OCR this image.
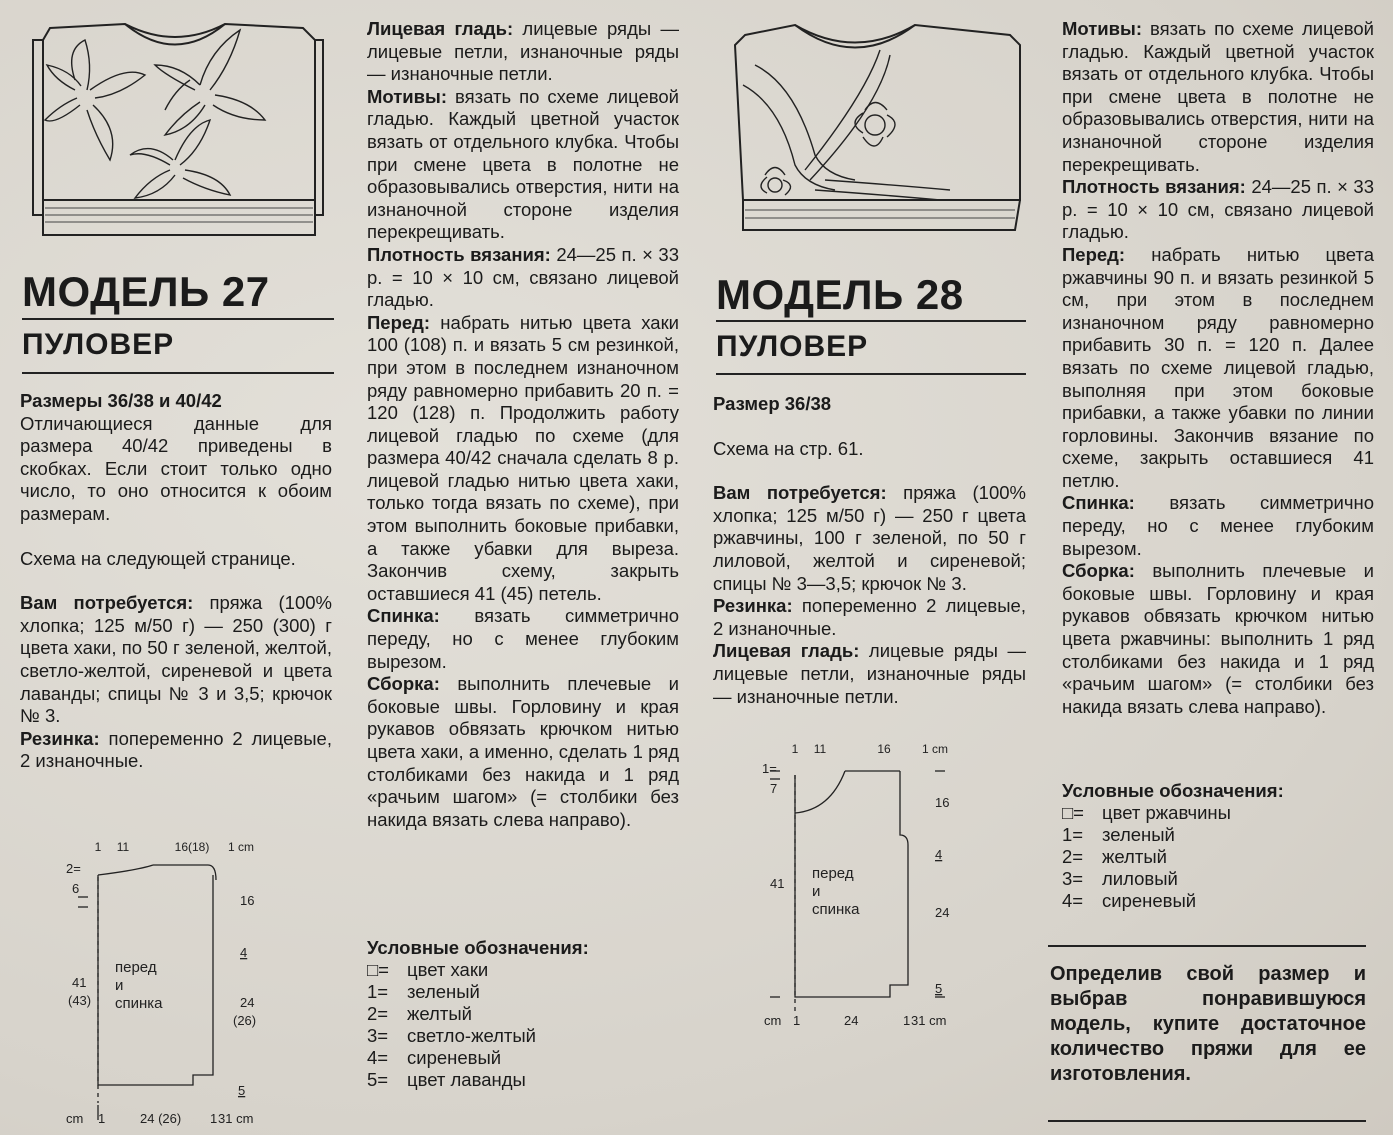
МОДЕЛЬ 27
ПУЛОВЕР

Размеры 36/38 и 40/42

Отличающиеся данные для размера 40/42 приведены в скобках. Если стоит только одно число, то оно относится к обоим размерам.

Схема на следующей странице.

Вам потребуется: пряжа (100% хлопка; 125 м/50 г) — 250 (300) г цвета хаки, по 50 г зеленой, желтой, светло-желтой, сиреневой и цвета лаванды; спицы № 3 и 3,5; крючок № 3.

Резинка: попеременно 2 лицевые, 2 изнаночные.

1 11	16(18) 1 cm
2=
6
41
(43)
16
4
24
(26)
5
перед
и
спинка
cm 1	24 (26) 1 31 cm

Лицевая гладь: лицевые ряды — лицевые петли, изнаночные ряды — изнаночные петли.

Мотивы: вязать по схеме лицевой гладью. Каждый цветной участок вязать от отдельного клубка. Чтобы при смене цвета в полотне не образовывались отверстия, нити на изнаночной стороне изделия перекрещивать.

Плотность вязания: 24—25 п. × 33 р. = 10 × 10 см, связано лицевой гладью.

Перед: набрать нитью цвета хаки 100 (108) п. и вязать 5 см резинкой, при этом в последнем изнаночном ряду равномерно прибавить 20 п. = 120 (128) п. Продолжить работу лицевой гладью по схеме (для размера 40/42 сначала сделать 8 р. лицевой гладью нитью цвета хаки, только тогда вязать по схеме), при этом выполнить боковые прибавки, а также убавки для выреза. Закончив схему, закрыть оставшиеся 41 (45) петель.

Спинка: вязать симметрично переду, но с менее глубоким вырезом.

Сборка: выполнить плечевые и боковые швы. Горловину и края рукавов обвязать крючком нитью цвета хаки, а именно, сделать 1 ряд столбиками без накида и 1 ряд «рачьим шагом» (= столбики без накида вязать слева направо).

Условные обозначения:
□= цвет хаки
1=	зеленый
2=	желтый
3=	светло-желтый
4=	сиреневый
5=	цвет лаванды
МОДЕЛЬ 28
ПУЛОВЕР

Размер 36/38

Схема на стр. 61.

Вам потребуется: пряжа (100% хлопка; 125 м/50 г) — 250 г цвета ржавчины, 100 г зеленой, по 50 г лиловой, желтой и сиреневой; спицы № 3—3,5; крючок № 3.

Резинка: попеременно 2 лицевые, 2 изнаночные.

Лицевая гладь: лицевые ряды — лицевые петли, изнаночные ряды — изнаночные петли.

1 11	16	1 cm
1=
7
41
16
4
24
5
перед
и
спинка
cm 1	24	1 31 cm

Мотивы: вязать по схеме лицевой гладью. Каждый цветной участок вязать от отдельного клубка. Чтобы при смене цвета в полотне не образовывались отверстия, нити на изнаночной стороне изделия перекрещивать.

Плотность вязания: 24—25 п. × 33 р. = 10 × 10 см, связано лицевой гладью.

Перед: набрать нитью цвета ржавчины 90 п. и вязать резинкой 5 см, при этом в последнем изнаночном ряду равномерно прибавить 30 п. = 120 п. Далее вязать по схеме лицевой гладью, выполняя при этом боковые прибавки, а также убавки по линии горловины. Закончив вязание по схеме, закрыть оставшиеся 41 петлю.

Спинка: вязать симметрично переду, но с менее глубоким вырезом.

Сборка: выполнить плечевые и боковые швы. Горловину и края рукавов обвязать крючком нитью цвета ржавчины: выполнить 1 ряд столбиками без накида и 1 ряд «рачьим шагом» (= столбики без накида вязать слева направо).

Условные обозначения:
□= цвет ржавчины
1=	зеленый
2=	желтый
3=	лиловый
4=	сиреневый
Определив свой размер и выбрав понравившуюся модель, купите достаточное количество пряжи для ее изготовления.
